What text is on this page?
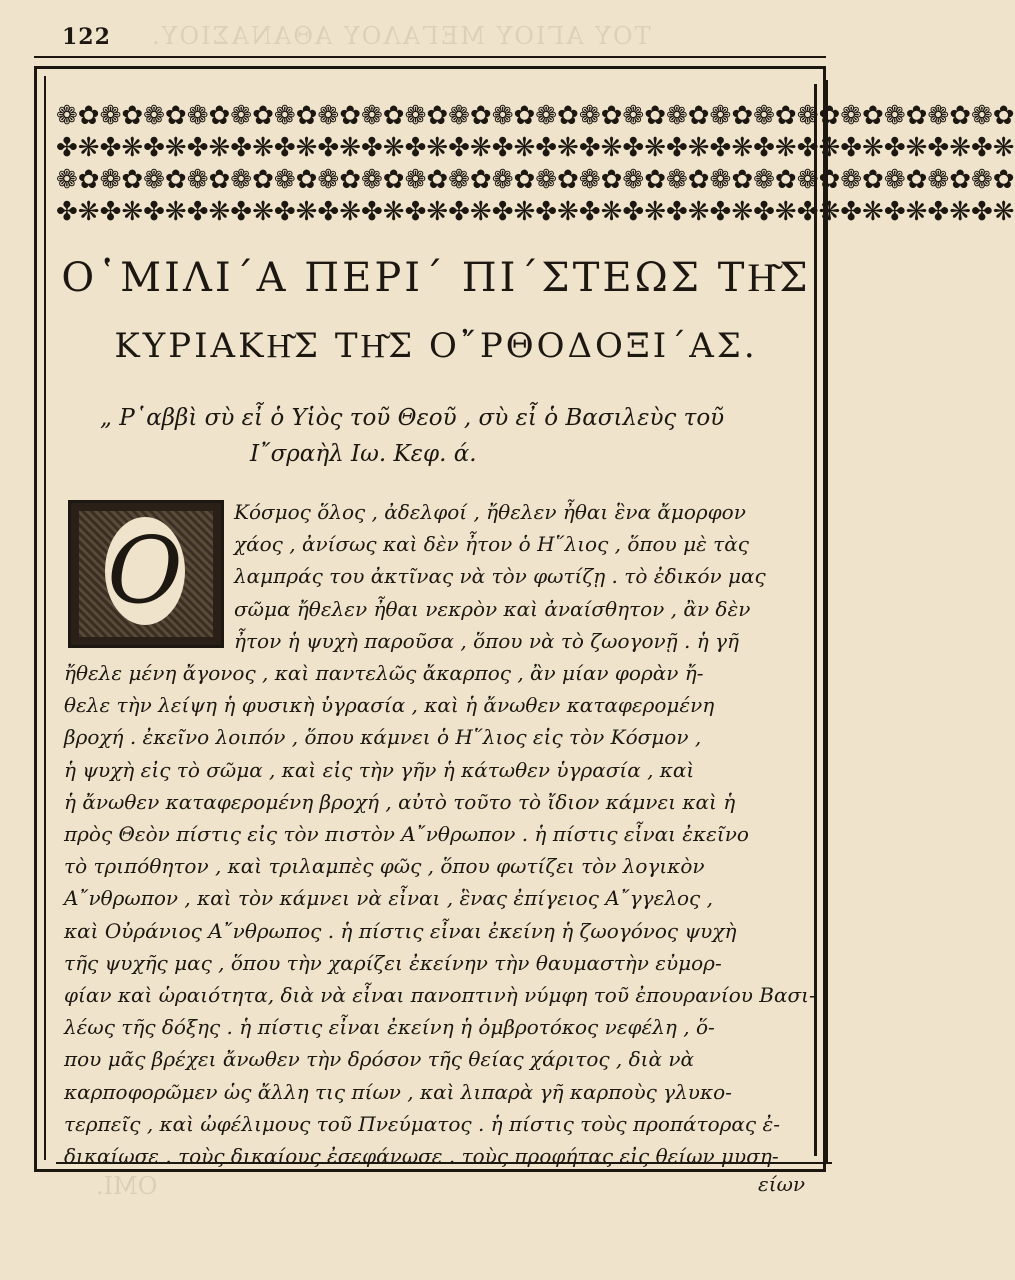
122 ΤΟΥ ΑΓΙΟΥ ΜΕΓΑΛΟΥ ΑΘΑΝΑΣΙΟΥ.
❁✿❁✿❁✿❁✿❁✿❁✿❁✿❁✿❁✿❁✿❁✿❁✿❁✿❁✿❁✿❁✿❁✿❁✿❁✿❁✿❁✿❁✿
✤❋✤❋✤❋✤❋✤❋✤❋✤❋✤❋✤❋✤❋✤❋✤❋✤❋✤❋✤❋✤❋✤❋✤❋✤❋✤❋✤❋✤❋
❁✿❁✿❁✿❁✿❁✿❁✿❁✿❁✿❁✿❁✿❁✿❁✿❁✿❁✿❁✿❁✿❁✿❁✿❁✿❁✿❁✿❁✿
✤❋✤❋✤❋✤❋✤❋✤❋✤❋✤❋✤❋✤❋✤❋✤❋✤❋✤❋✤❋✤❋✤❋✤❋✤❋✤❋✤❋✤❋
Ο῾ΜΙΛΙ΄Α ΠΕΡΙ΄ ΠΙ΄ΣΤΕΩΣ ΤΗ͂Σ
ΚΥΡΙΑΚΗ͂Σ ΤΗ͂Σ Ο῎ΡΘΟΔΟΞΙ΄ΑΣ.
„ Ρ῾αββὶ σὺ εἶ ὁ Υἱὸς τοῦ Θεοῦ , σὺ εἶ ὁ Βασιλεὺς τοῦ
Ι῎σραὴλ Ιω. Κεφ. ά.
O
Κόσμος ὅλος , ἀδελφοί , ἤθελεν ἦθαι ἓνα ἄμορφον
χάος , ἀνίσως καὶ δὲν ἦτον ὁ Η῞λιος , ὅπου μὲ τὰς
λαμπράς του ἀκτῖνας νὰ τὸν φωτίζῃ . τὸ ἐδικόν μας
σῶμα ἤθελεν ἦθαι νεκρὸν καὶ ἀναίσθητον , ἂν δὲν
ἦτον ἡ ψυχὴ παροῦσα , ὅπου νὰ τὸ ζωογονῇ . ἡ γῆ
ἤθελε μένη ἄγονος , καὶ παντελῶς ἄκαρπος , ἂν μίαν φορὰν ἤ-
θελε τὴν λείψη ἡ φυσικὴ ὑγρασία , καὶ ἡ ἄνωθεν καταφερομένη
βροχή . ἐκεῖνο λοιπόν , ὅπου κάμνει ὁ Η῞λιος εἰς τὸν Κόσμον ,
ἡ ψυχὴ εἰς τὸ σῶμα , καὶ εἰς τὴν γῆν ἡ κάτωθεν ὑγρασία , καὶ
ἡ ἄνωθεν καταφερομένη βροχή , αὐτὸ τοῦτο τὸ ἴδιον κάμνει καὶ ἡ
πρὸς Θεὸν πίστις εἰς τὸν πιστὸν Α῎νθρωπον . ἡ πίστις εἶναι ἐκεῖνο
τὸ τριπόθητον , καὶ τριλαμπὲς φῶς , ὅπου φωτίζει τὸν λογικὸν
Α῎νθρωπον , καὶ τὸν κάμνει νὰ εἶναι , ἓνας ἐπίγειος Α῎γγελος ,
καὶ Οὐράνιος Α῎νθρωπος . ἡ πίστις εἶναι ἐκείνη ἡ ζωογόνος ψυχὴ
τῆς ψυχῆς μας , ὅπου τὴν χαρίζει ἐκείνην τὴν θαυμαστὴν εὐμορ-
φίαν καὶ ὡραιότητα, διὰ νὰ εἶναι πανοπτινὴ νύμφη τοῦ ἐπουρανίου Βασι-
λέως τῆς δόξης . ἡ πίστις εἶναι ἐκείνη ἡ ὀμβροτόκος νεφέλη , ὅ-
που μᾶς βρέχει ἄνωθεν τὴν δρόσον τῆς θείας χάριτος , διὰ νὰ
καρποφορῶμεν ὡς ἄλλη τις πίων , καὶ λιπαρὰ γῆ καρποὺς γλυκο-
τερπεῖς , καὶ ὠφέλιμους τοῦ Πνεύματος . ἡ πίστις τοὺς προπάτορας ἐ-
δικαίωσε . τοὺς δικαίους ἐσεφάνωσε . τοὺς προφήτας εἰς θείων μυση-
ΟΜΙ.	είων
